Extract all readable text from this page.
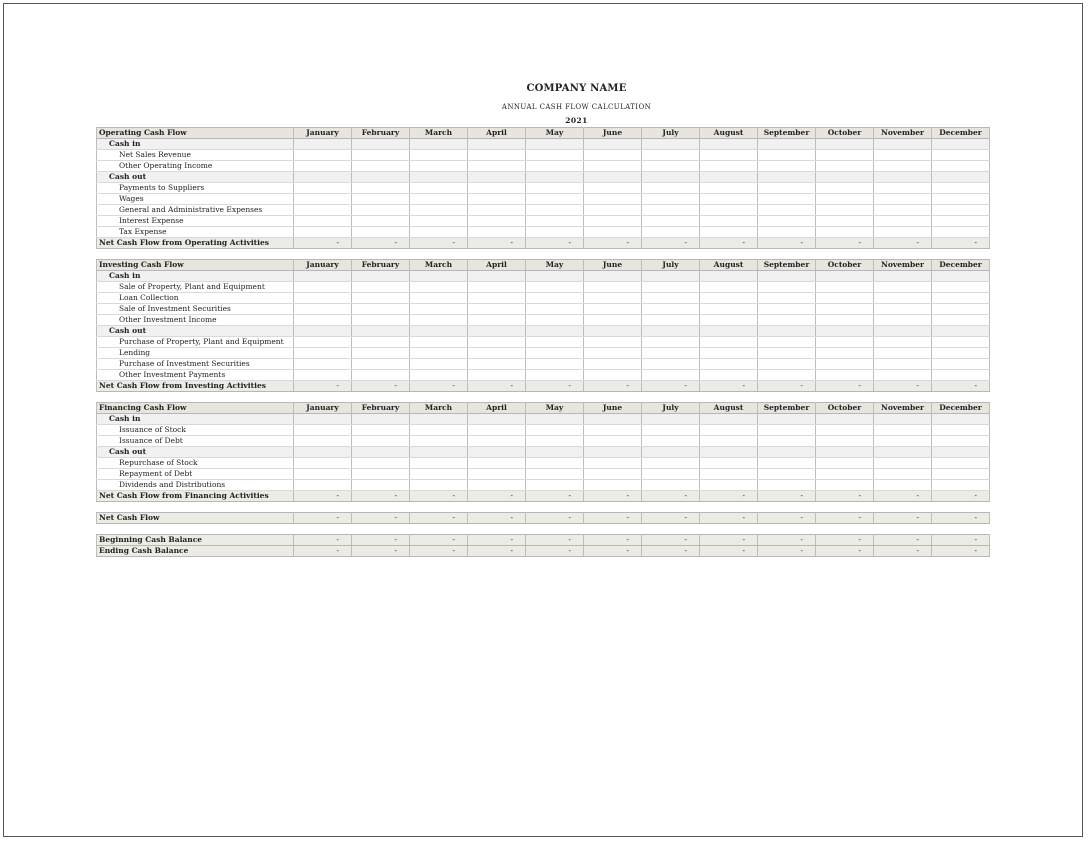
COMPANY NAME
ANNUAL CASH FLOW CALCULATION
2021
Operating Cash Flow	January	February	March	April	May	June	July	August	September	October	November	December
Cash in												
Net Sales Revenue												
Other Operating Income												
Cash out												
Payments to Suppliers												
Wages												
General and Administrative Expenses												
Interest Expense												
Tax Expense												
Net Cash Flow from Operating Activities	-	-	-	-	-	-	-	-	-	-	-	-

Investing Cash Flow	January	February	March	April	May	June	July	August	September	October	November	December
Cash in												
Sale of Property, Plant and Equipment												
Loan Collection												
Sale of Investment Securities												
Other Investment Income												
Cash out												
Purchase of Property, Plant and Equipment												
Lending												
Purchase of Investment Securities												
Other Investment Payments												
Net Cash Flow from Investing Activities	-	-	-	-	-	-	-	-	-	-	-	-

Financing Cash Flow	January	February	March	April	May	June	July	August	September	October	November	December
Cash in												
Issuance of Stock												
Issuance of Debt												
Cash out												
Repurchase of Stock												
Repayment of Debt												
Dividends and Distributions												
Net Cash Flow from Financing Activities	-	-	-	-	-	-	-	-	-	-	-	-

Net Cash Flow	-	-	-	-	-	-	-	-	-	-	-	-

Beginning Cash Balance	-	-	-	-	-	-	-	-	-	-	-	-
Ending Cash Balance	-	-	-	-	-	-	-	-	-	-	-	-
